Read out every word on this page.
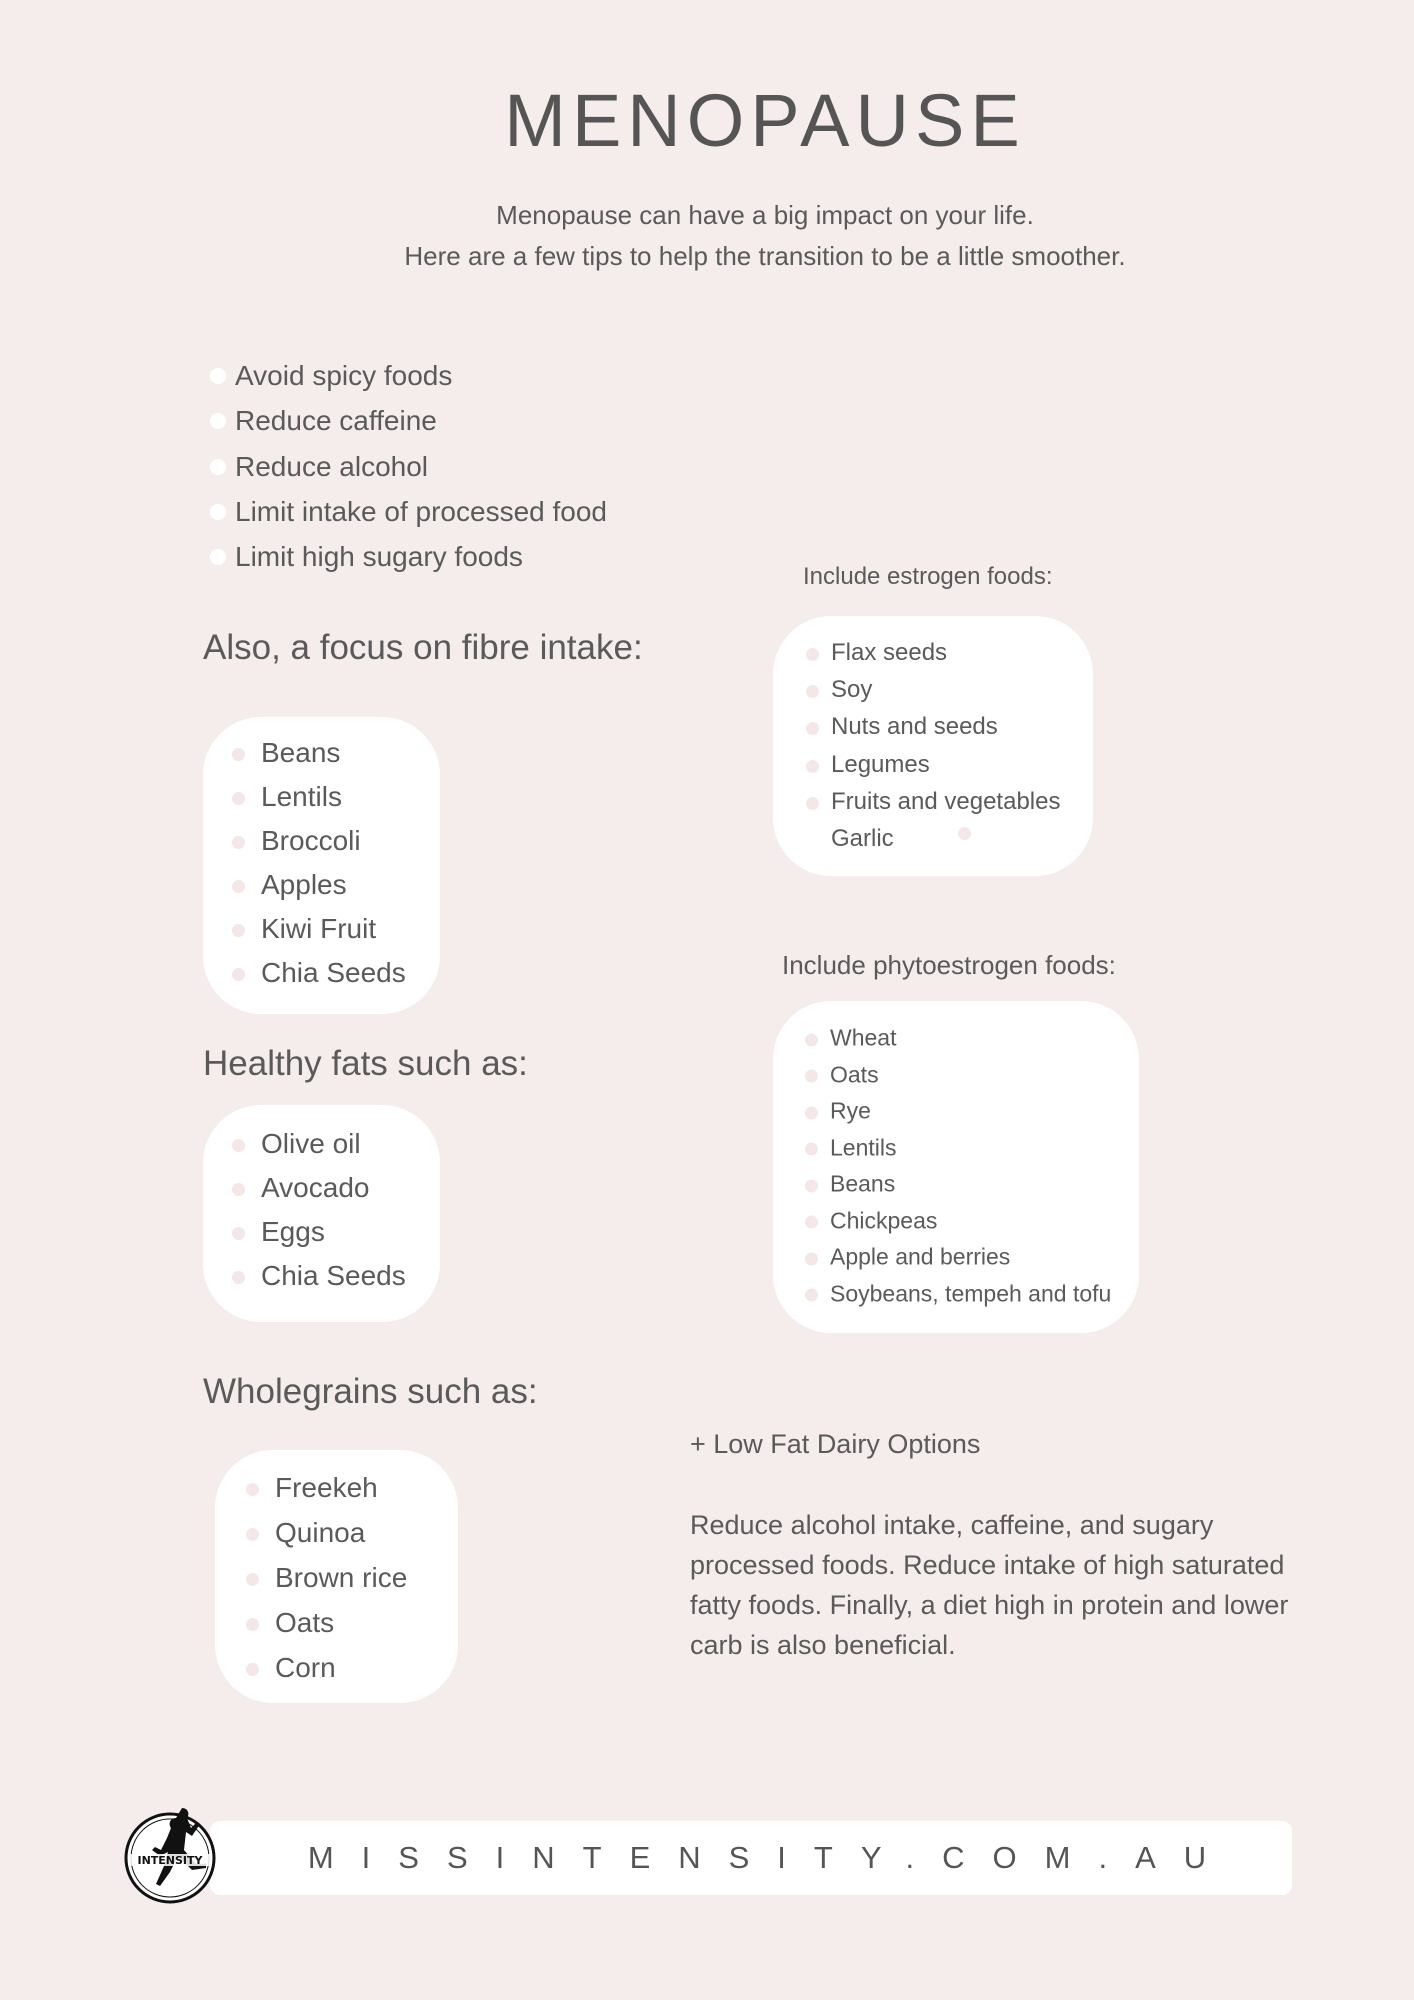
MENOPAUSE
Menopause can have a big impact on your life.
Here are a few tips to help the transition to be a little smoother.
Avoid spicy foods
Reduce caffeine
Reduce alcohol
Limit intake of processed food
Limit high sugary foods
Also, a focus on fibre intake:
Healthy fats such as:
Wholegrains such as:
Include estrogen foods:
Include phytoestrogen foods:
+ Low Fat Dairy Options
Reduce alcohol intake, caffeine, and sugary processed foods. Reduce intake of high saturated fatty foods. Finally, a diet high in protein and lower carb is also beneficial.
MISSINTENSITY.COM.AU
INTENSITY
Beans
Lentils
Broccoli
Apples
Kiwi Fruit
Chia Seeds
Olive oil
Avocado
Eggs
Chia Seeds
Freekeh
Quinoa
Brown rice
Oats
Corn
Flax seeds
Soy
Nuts and seeds
Legumes
Fruits and vegetables
Garlic
Wheat
Oats
Rye
Lentils
Beans
Chickpeas
Apple and berries
Soybeans, tempeh and tofu
